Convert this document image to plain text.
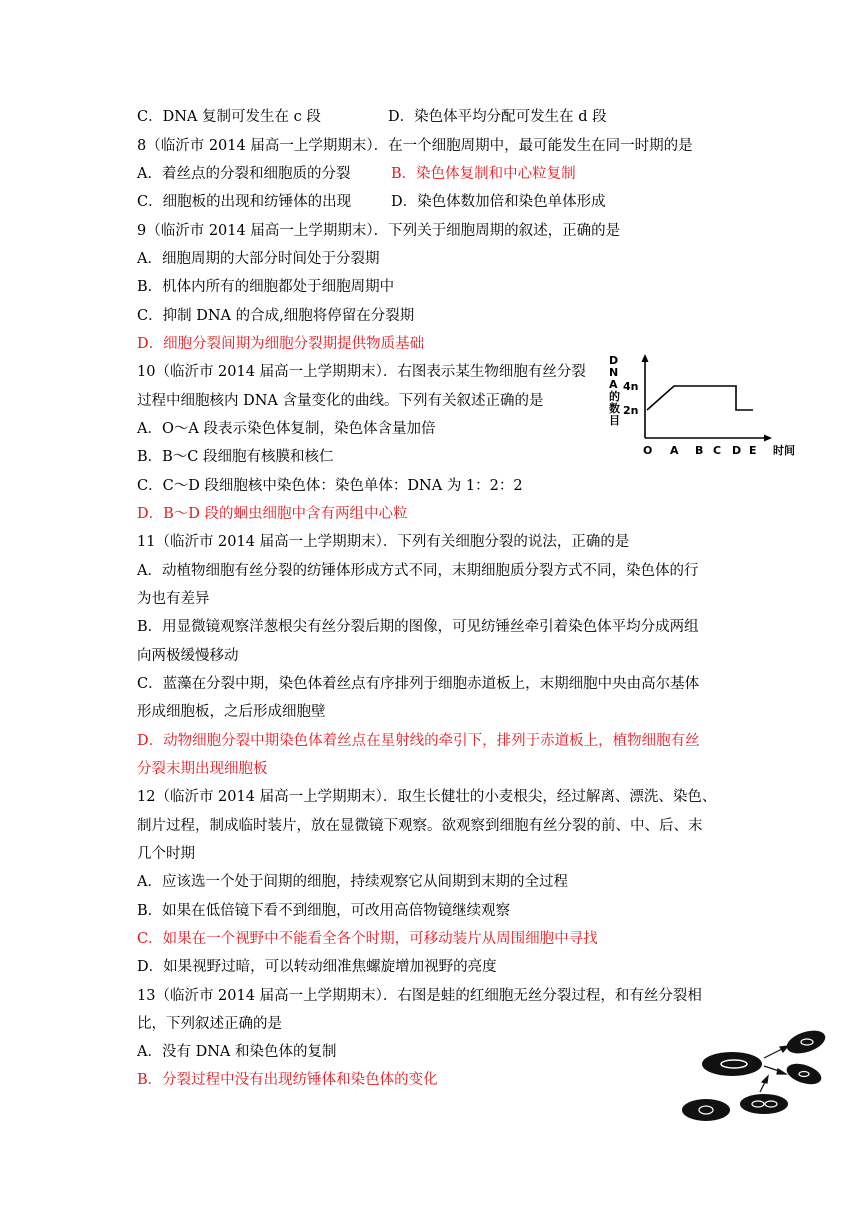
C．DNA 复制可发生在 c 段	D．染色体平均分配可发生在 d 段
8（临沂市 2014 届高一上学期期末）．在一个细胞周期中，最可能发生在同一时期的是
A．着丝点的分裂和细胞质的分裂	B．染色体复制和中心粒复制
C．细胞板的出现和纺锤体的出现	D．染色体数加倍和染色单体形成
9（临沂市 2014 届高一上学期期末）．下列关于细胞周期的叙述，正确的是
A．细胞周期的大部分时间处于分裂期
B．机体内所有的细胞都处于细胞周期中
C．抑制 DNA 的合成,细胞将停留在分裂期
D．细胞分裂间期为细胞分裂期提供物质基础
10（临沂市 2014 届高一上学期期末）．右图表示某生物细胞有丝分裂
过程中细胞核内 DNA 含量变化的曲线。下列有关叙述正确的是
A．O～A 段表示染色体复制，染色体含量加倍
B．B～C 段细胞有核膜和核仁
C．C～D 段细胞核中染色体：染色单体：DNA 为 1：2：2
D．B～D 段的蛔虫细胞中含有两组中心粒
D
N
A
的
数
目
2n
4n
O A B C D E 时间
11（临沂市 2014 届高一上学期期末）．下列有关细胞分裂的说法，正确的是
A．动植物细胞有丝分裂的纺锤体形成方式不同，末期细胞质分裂方式不同，染色体的行
为也有差异
B．用显微镜观察洋葱根尖有丝分裂后期的图像，可见纺锤丝牵引着染色体平均分成两组
向两极缓慢移动
C．蓝藻在分裂中期，染色体着丝点有序排列于细胞赤道板上，末期细胞中央由高尔基体
形成细胞板，之后形成细胞壁
D．动物细胞分裂中期染色体着丝点在星射线的牵引下，排列于赤道板上，植物细胞有丝
分裂末期出现细胞板
12（临沂市 2014 届高一上学期期末）．取生长健壮的小麦根尖，经过解离、漂洗、染色、
制片过程，制成临时装片，放在显微镜下观察。欲观察到细胞有丝分裂的前、中、后、末
几个时期
A．应该选一个处于间期的细胞，持续观察它从间期到末期的全过程
B．如果在低倍镜下看不到细胞，可改用高倍物镜继续观察
C．如果在一个视野中不能看全各个时期，可移动装片从周围细胞中寻找
D．如果视野过暗，可以转动细准焦螺旋增加视野的亮度
13（临沂市 2014 届高一上学期期末）．右图是蛙的红细胞无丝分裂过程，和有丝分裂相
比，下列叙述正确的是
A．没有 DNA 和染色体的复制
B．分裂过程中没有出现纺锤体和染色体的变化
